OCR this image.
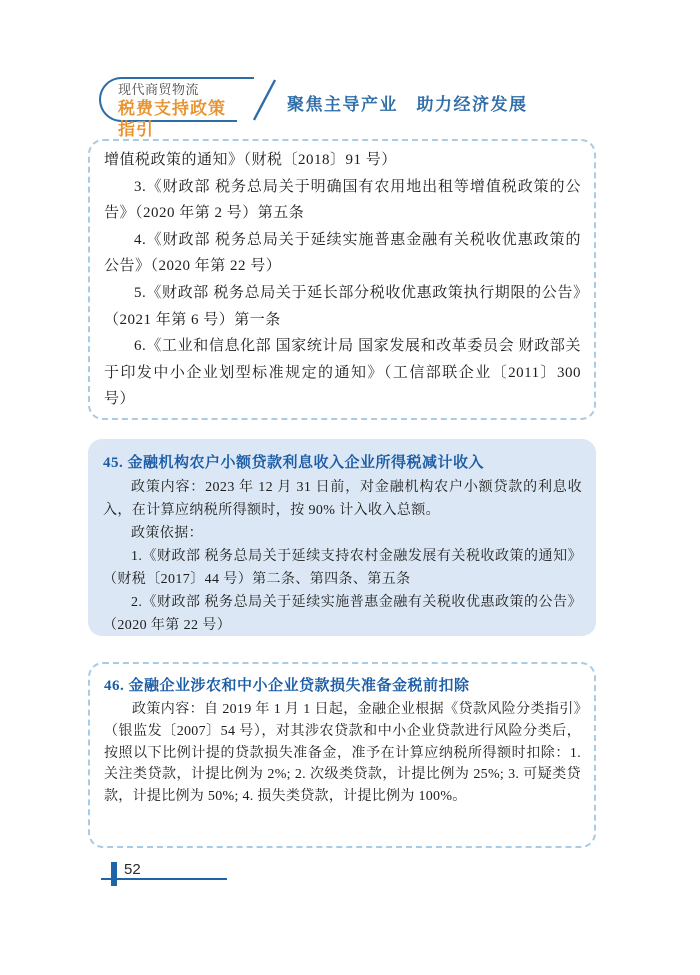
现代商贸物流
税费支持政策指引
聚焦主导产业　助力经济发展

增值税政策的通知》（财税〔2018〕91 号）

3.《财政部 税务总局关于明确国有农用地出租等增值税政策的公告》（2020 年第 2 号）第五条

4.《财政部 税务总局关于延续实施普惠金融有关税收优惠政策的公告》（2020 年第 22 号）

5.《财政部 税务总局关于延长部分税收优惠政策执行期限的公告》（2021 年第 6 号）第一条

6.《工业和信息化部 国家统计局 国家发展和改革委员会 财政部关于印发中小企业划型标准规定的通知》（工信部联企业〔2011〕300 号）

45. 金融机构农户小额贷款利息收入企业所得税减计收入

政策内容：2023 年 12 月 31 日前，对金融机构农户小额贷款的利息收入，在计算应纳税所得额时，按 90% 计入收入总额。

政策依据：

1.《财政部 税务总局关于延续支持农村金融发展有关税收政策的通知》（财税〔2017〕44 号）第二条、第四条、第五条

2.《财政部 税务总局关于延续实施普惠金融有关税收优惠政策的公告》（2020 年第 22 号）

46. 金融企业涉农和中小企业贷款损失准备金税前扣除

政策内容：自 2019 年 1 月 1 日起，金融企业根据《贷款风险分类指引》（银监发〔2007〕54 号），对其涉农贷款和中小企业贷款进行风险分类后，按照以下比例计提的贷款损失准备金，准予在计算应纳税所得额时扣除：1. 关注类贷款，计提比例为 2%; 2. 次级类贷款，计提比例为 25%; 3. 可疑类贷款，计提比例为 50%; 4. 损失类贷款，计提比例为 100%。

52
